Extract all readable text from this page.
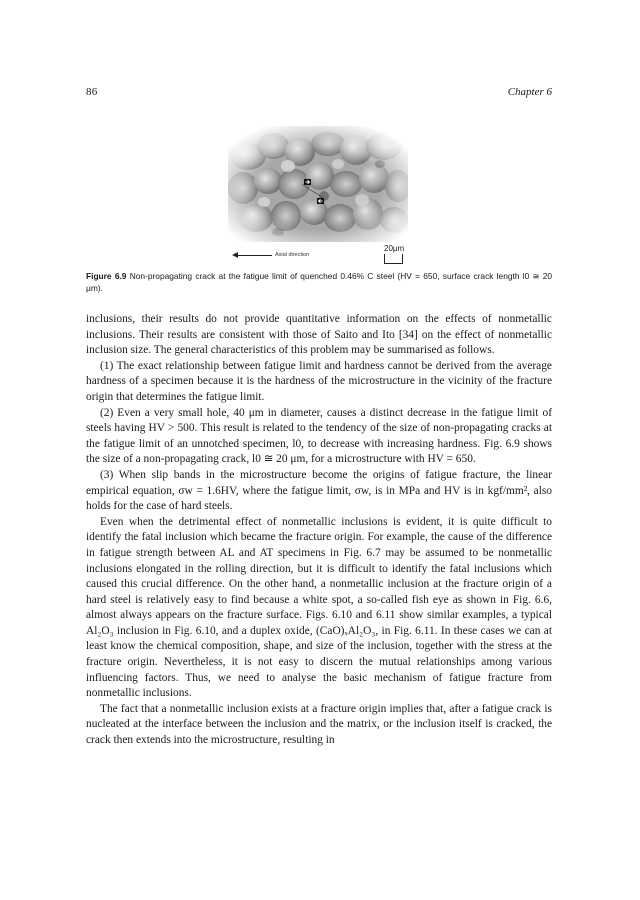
86	Chapter 6
Axial direction
20μm
Figure 6.9 Non-propagating crack at the fatigue limit of quenched 0.46% C steel (HV = 650, surface crack length l0 ≅ 20 μm).

inclusions, their results do not provide quantitative information on the effects of nonmetallic inclusions. Their results are consistent with those of Saito and Ito [34] on the effect of nonmetallic inclusion size. The general characteristics of this problem may be summarised as follows.

(1) The exact relationship between fatigue limit and hardness cannot be derived from the average hardness of a specimen because it is the hardness of the microstructure in the vicinity of the fracture origin that determines the fatigue limit.

(2) Even a very small hole, 40 μm in diameter, causes a distinct decrease in the fatigue limit of steels having HV > 500. This result is related to the tendency of the size of non-propagating cracks at the fatigue limit of an unnotched specimen, l0, to decrease with increasing hardness. Fig. 6.9 shows the size of a non-propagating crack, l0 ≅ 20 μm, for a microstructure with HV = 650.

(3) When slip bands in the microstructure become the origins of fatigue fracture, the linear empirical equation, σw = 1.6HV, where the fatigue limit, σw, is in MPa and HV is in kgf/mm², also holds for the case of hard steels.

Even when the detrimental effect of nonmetallic inclusions is evident, it is quite difficult to identify the fatal inclusion which became the fracture origin. For example, the cause of the difference in fatigue strength between AL and AT specimens in Fig. 6.7 may be assumed to be nonmetallic inclusions elongated in the rolling direction, but it is difficult to identify the fatal inclusions which caused this crucial difference. On the other hand, a nonmetallic inclusion at the fracture origin of a hard steel is relatively easy to find because a white spot, a so-called fish eye as shown in Fig. 6.6, almost always appears on the fracture surface. Figs. 6.10 and 6.11 show similar examples, a typical Al₂O₃ inclusion in Fig. 6.10, and a duplex oxide, (CaO)ₓAl₂O₃, in Fig. 6.11. In these cases we can at least know the chemical composition, shape, and size of the inclusion, together with the stress at the fracture origin. Nevertheless, it is not easy to discern the mutual relationships among various influencing factors. Thus, we need to analyse the basic mechanism of fatigue fracture from nonmetallic inclusions.

The fact that a nonmetallic inclusion exists at a fracture origin implies that, after a fatigue crack is nucleated at the interface between the inclusion and the matrix, or the inclusion itself is cracked, the crack then extends into the microstructure, resulting in
